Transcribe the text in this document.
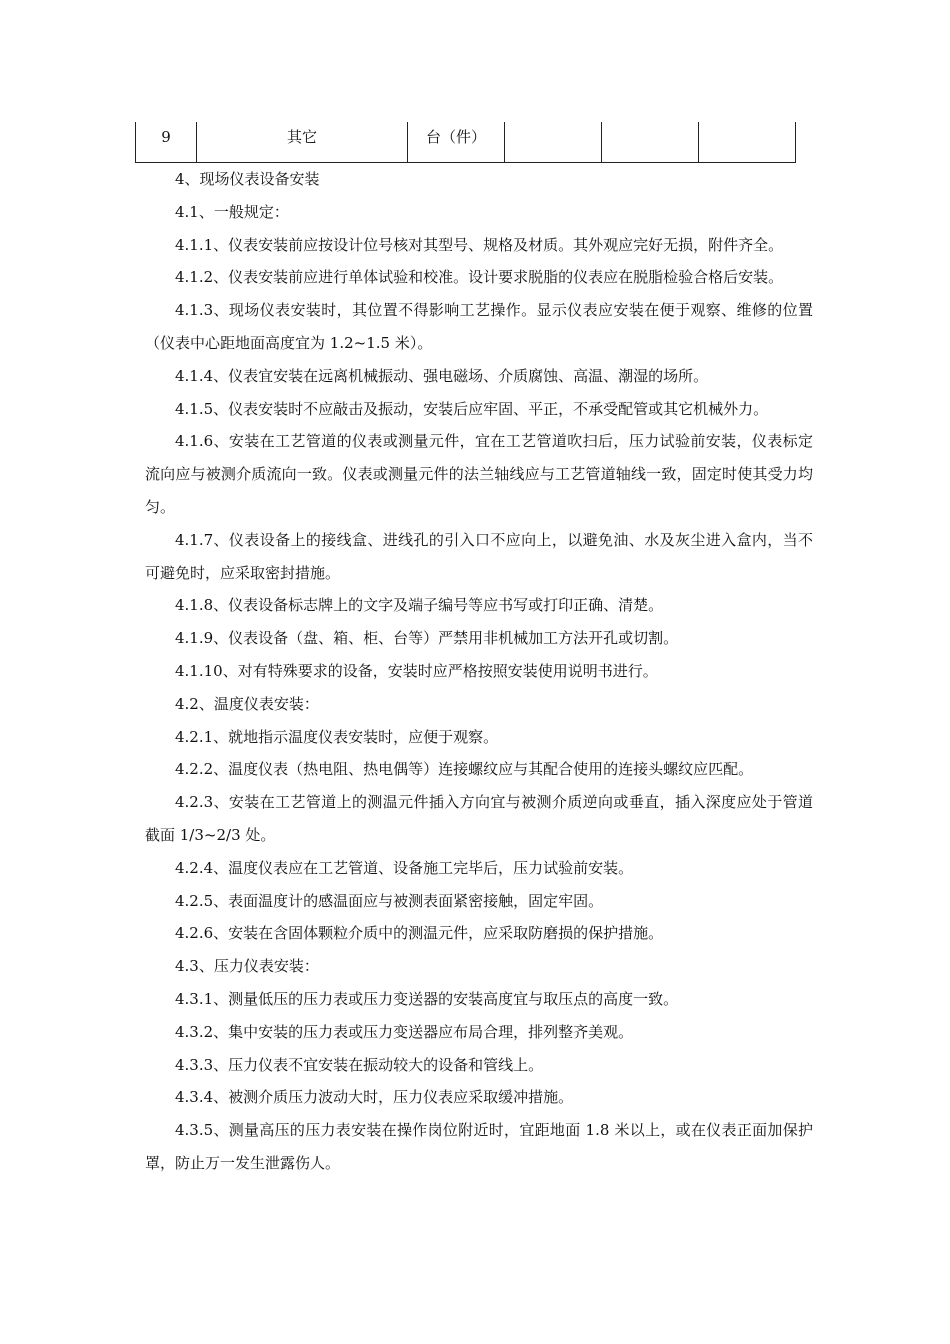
9	其它	台（件）			

4、现场仪表设备安装

4.1、一般规定：

4.1.1、仪表安装前应按设计位号核对其型号、规格及材质。其外观应完好无损，附件齐全。

4.1.2、仪表安装前应进行单体试验和校准。设计要求脱脂的仪表应在脱脂检验合格后安装。

4.1.3、现场仪表安装时，其位置不得影响工艺操作。显示仪表应安装在便于观察、维修的位置（仪表中心距地面高度宜为 1.2~1.5 米）。

4.1.4、仪表宜安装在远离机械振动、强电磁场、介质腐蚀、高温、潮湿的场所。

4.1.5、仪表安装时不应敲击及振动，安装后应牢固、平正，不承受配管或其它机械外力。

4.1.6、安装在工艺管道的仪表或测量元件，宜在工艺管道吹扫后，压力试验前安装，仪表标定流向应与被测介质流向一致。仪表或测量元件的法兰轴线应与工艺管道轴线一致，固定时使其受力均匀。

4.1.7、仪表设备上的接线盒、进线孔的引入口不应向上，以避免油、水及灰尘进入盒内，当不可避免时，应采取密封措施。

4.1.8、仪表设备标志牌上的文字及端子编号等应书写或打印正确、清楚。

4.1.9、仪表设备（盘、箱、柜、台等）严禁用非机械加工方法开孔或切割。

4.1.10、对有特殊要求的设备，安装时应严格按照安装使用说明书进行。

4.2、温度仪表安装：

4.2.1、就地指示温度仪表安装时，应便于观察。

4.2.2、温度仪表（热电阻、热电偶等）连接螺纹应与其配合使用的连接头螺纹应匹配。

4.2.3、安装在工艺管道上的测温元件插入方向宜与被测介质逆向或垂直，插入深度应处于管道截面 1/3~2/3 处。

4.2.4、温度仪表应在工艺管道、设备施工完毕后，压力试验前安装。

4.2.5、表面温度计的感温面应与被测表面紧密接触，固定牢固。

4.2.6、安装在含固体颗粒介质中的测温元件，应采取防磨损的保护措施。

4.3、压力仪表安装：

4.3.1、测量低压的压力表或压力变送器的安装高度宜与取压点的高度一致。

4.3.2、集中安装的压力表或压力变送器应布局合理，排列整齐美观。

4.3.3、压力仪表不宜安装在振动较大的设备和管线上。

4.3.4、被测介质压力波动大时，压力仪表应采取缓冲措施。

4.3.5、测量高压的压力表安装在操作岗位附近时，宜距地面 1.8 米以上，或在仪表正面加保护罩，防止万一发生泄露伤人。
